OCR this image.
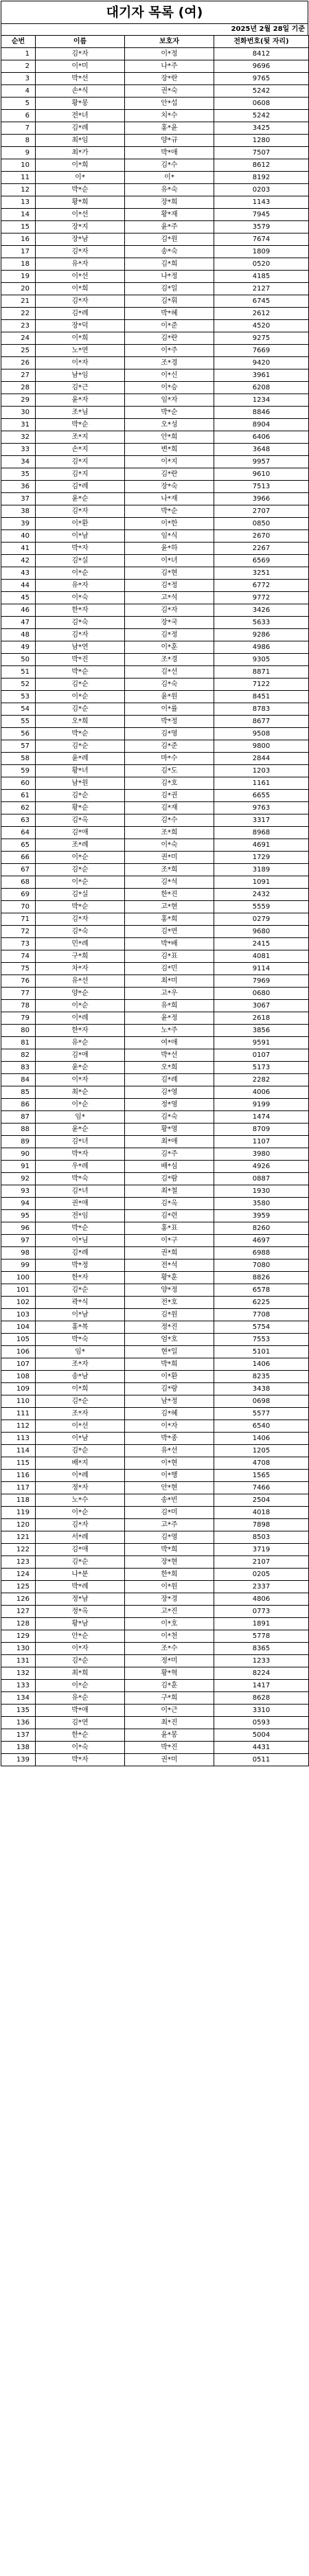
대기자 목록 (여)
2025년 2월 28일 기준
순번	이름	보호자	전화번호(뒷 자리)
1	김*자	이*정	8412
2	이*미	나*주	9696
3	박*선	장*란	9765
4	손*식	권*숙	5242
5	황*봉	안*섭	0608
6	전*녀	치*수	5242
7	김*례	홍*윤	3425
8	최*임	양*규	1280
9	최*가	박*애	7507
10	이*희	김*수	8612
11	이*	이*	8192
12	박*순	유*숙	0203
13	황*희	장*희	1143
14	이*선	황*재	7945
15	장*지	윤*주	3579
16	장*남	김*원	7674
17	김*자	송*숙	1809
18	유*자	김*희	0520
19	이*선	나*정	4185
20	이*희	김*일	2127
21	김*자	김*휘	6745
22	김*례	박*혜	2612
23	장*덕	이*준	4520
24	이*희	김*란	9275
25	노*연	이*주	7669
26	이*자	조*경	9420
27	남*임	이*신	3961
28	김*근	이*승	6208
29	윤*자	임*자	1234
30	조*님	박*순	8846
31	박*순	오*성	8904
32	조*지	안*희	6406
33	손*지	변*희	3648
34	김*지	이*지	9957
35	김*지	김*란	9610
36	김*례	장*숙	7513
37	윤*순	나*재	3966
38	김*자	박*순	2707
39	이*환	이*한	0850
40	이*남	임*식	2670
41	박*자	윤*하	2267
42	김*실	이*녀	6569
43	이*순	김*현	3251
44	유*자	김*정	6772
45	이*숙	고*석	9772
46	한*자	김*자	3426
47	김*숙	장*국	5633
48	김*자	김*정	9286
49	남*연	이*훈	4986
50	박*진	조*경	9305
51	박*순	김*선	8871
52	김*순	김*숙	7122
53	이*순	윤*원	8451
54	김*순	이*률	8783
55	오*희	박*정	8677
56	박*순	김*영	9508
57	김*순	김*준	9800
58	윤*례	마*수	2844
59	황*녀	김*도	1203
60	남*원	김*호	1161
61	김*순	김*권	6655
62	황*순	김*재	9763
63	김*옥	김*수	3317
64	김*애	조*희	8968
65	조*례	이*숙	4691
66	이*순	권*미	1729
67	김*순	조*희	3189
68	이*순	김*석	1091
69	김*실	한*진	2432
70	박*순	고*현	5559
71	김*자	홍*희	0279
72	김*숙	김*연	9680
73	민*례	박*배	2415
74	구*희	김*표	4081
75	차*자	김*민	9114
76	유*선	최*미	7969
77	양*순	고*우	0680
78	이*순	유*희	3067
79	이*례	윤*정	2618
80	한*자	노*주	3856
81	유*순	여*애	9591
82	김*애	박*선	0107
83	윤*순	오*희	5173
84	이*자	김*례	2282
85	최*순	김*영	4006
86	이*순	정*영	9199
87	임*	김*숙	1474
88	윤*순	황*영	8709
89	김*녀	최*애	1107
90	박*자	김*주	3980
91	우*례	배*심	4926
92	박*숙	김*람	0887
93	김*녀	최*철	1930
94	권*애	김*옥	3580
95	전*임	김*련	3959
96	박*순	홍*표	8260
97	이*님	이*구	4697
98	김*례	권*희	6988
99	박*정	전*석	7080
100	한*자	황*훈	8826
101	김*순	양*정	6578
102	곽*식	전*호	6225
103	이*남	김*원	7708
104	홍*복	정*진	5754
105	박*숙	엄*호	7553
106	임*	현*일	5101
107	조*자	박*희	1406
108	송*남	이*환	8235
109	이*희	김*랑	3438
110	김*순	남*정	0698
111	조*자	김*혜	5577
112	이*선	이*자	6540
113	이*남	박*종	1406
114	김*순	유*선	1205
115	배*지	이*현	4708
116	이*례	이*행	1565
117	정*자	안*현	7466
118	노*수	송*빈	2504
119	이*순	김*미	4018
120	김*자	고*주	7898
121	서*례	김*영	8503
122	김*애	박*희	3719
123	김*순	장*현	2107
124	나*분	한*희	0205
125	박*례	이*원	2337
126	정*남	장*경	4806
127	정*옥	고*진	0773
128	황*남	이*호	1891
129	안*순	이*천	5778
130	이*자	조*수	8365
131	김*순	정*미	1233
132	최*희	황*혁	8224
133	이*순	김*훈	1417
134	유*순	구*희	8628
135	박*애	이*근	3310
136	김*연	최*진	0593
137	한*순	윤*봉	5004
138	이*숙	박*진	4431
139	박*자	권*미	0511
